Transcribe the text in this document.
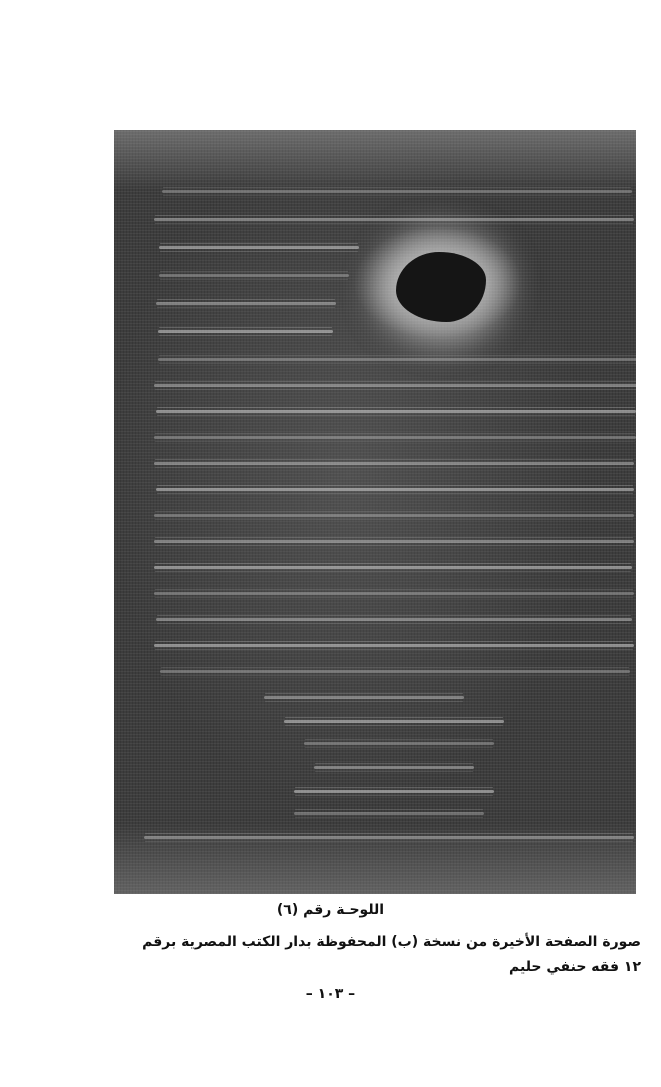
اللوحـة رقم (٦)
صورة الصفحة الأخيرة من نسخة (ب) المحفوظة بدار الكتب المصرية برقم
١٢ فقه حنفي حليم
– ١٠٣ –
